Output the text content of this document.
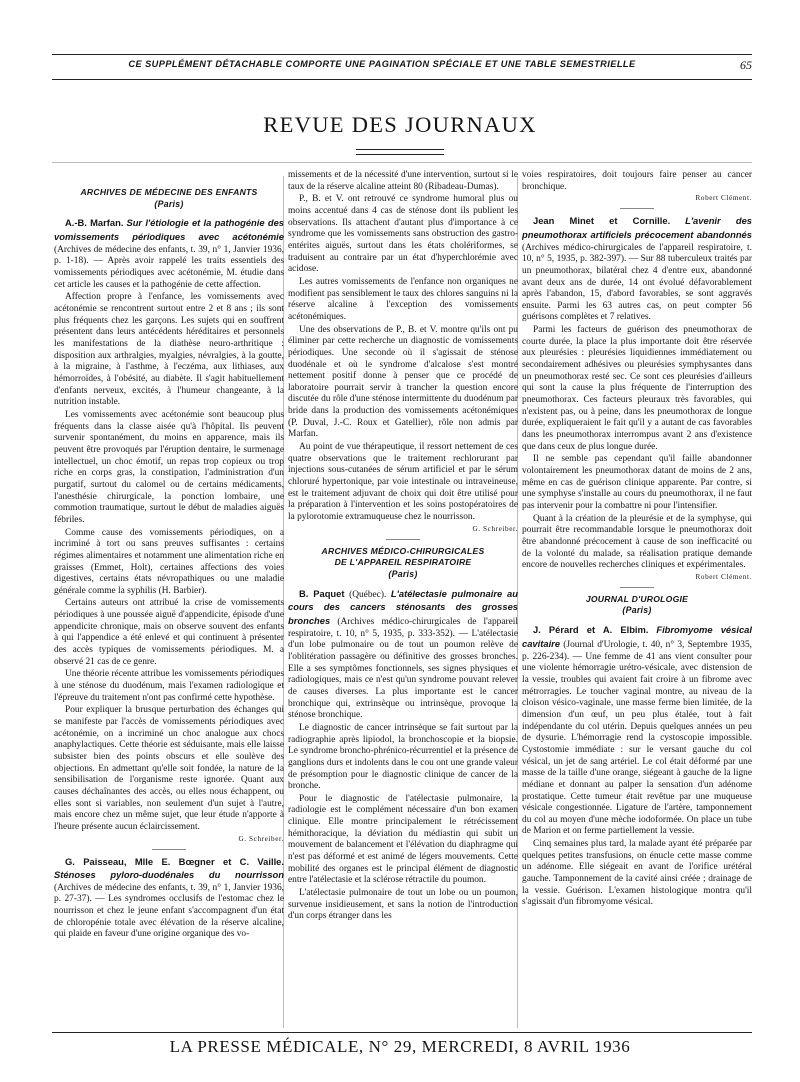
CE SUPPLÉMENT DÉTACHABLE COMPORTE UNE PAGINATION SPÉCIALE ET UNE TABLE SEMESTRIELLE	65
REVUE DES JOURNAUX
ARCHIVES DE MÉDECINE DES ENFANTS
(Paris)

A.-B. Marfan. Sur l'étiologie et la pathogénie des vomissements périodiques avec acétonémie (Archives de médecine des enfants, t. 39, n° 1, Janvier 1936, p. 1-18). — Après avoir rappelé les traits essentiels des vomissements périodiques avec acétonémie, M. étudie dans cet article les causes et la pathogénie de cette affection.

Affection propre à l'enfance, les vomissements avec acétonémie se rencontrent surtout entre 2 et 8 ans ; ils sont plus fréquents chez les garçons. Les sujets qui en souffrent présentent dans leurs antécédents héréditaires et personnels les manifestations de la diathèse neuro-arthritique : disposition aux arthralgies, myalgies, névralgies, à la goutte, à la migraine, à l'asthme, à l'eczéma, aux lithiases, aux hémorroïdes, à l'obésité, au diabète. Il s'agit habituellement d'enfants nerveux, excités, à l'humeur changeante, à la nutrition instable.

Les vomissements avec acétonémie sont beaucoup plus fréquents dans la classe aisée qu'à l'hôpital. Ils peuvent survenir spontanément, du moins en apparence, mais ils peuvent être provoqués par l'éruption dentaire, le surmenage intellectuel, un choc émotif, un repas trop copieux ou trop riche en corps gras, la constipation, l'administration d'un purgatif, surtout du calomel ou de certains médicaments, l'anesthésie chirurgicale, la ponction lombaire, une commotion traumatique, surtout le début de maladies aiguës fébriles.

Comme cause des vomissements périodiques, on a incriminé à tort ou sans preuves suffisantes : certains régimes alimentaires et notamment une alimentation riche en graisses (Emmet, Holt), certaines affections des voies digestives, certains états névropathiques ou une maladie générale comme la syphilis (H. Barbier).

Certains auteurs ont attribué la crise de vomissements périodiques à une poussée aiguë d'appendicite, épisode d'une appendicite chronique, mais on observe souvent des enfants à qui l'appendice a été enlevé et qui continuent à présenter des accès typiques de vomissements périodiques. M. a observé 21 cas de ce genre.

Une théorie récente attribue les vomissements périodiques à une sténose du duodénum, mais l'examen radiologique et l'épreuve du traitement n'ont pas confirmé cette hypothèse.

Pour expliquer la brusque perturbation des échanges qui se manifeste par l'accès de vomissements périodiques avec acétonémie, on a incriminé un choc analogue aux chocs anaphylactiques. Cette théorie est séduisante, mais elle laisse subsister bien des points obscurs et elle soulève des objections. En admettant qu'elle soit fondée, la nature de la sensibilisation de l'organisme reste ignorée. Quant aux causes déchaînantes des accès, ou elles nous échappent, ou elles sont si variables, non seulement d'un sujet à l'autre, mais encore chez un même sujet, que leur étude n'apporte à l'heure présente aucun éclaircissement.

G. Schreiber.

G. Paisseau, Mlle E. Bœgner et C. Vaille. Sténoses pyloro-duodénales du nourrisson (Archives de médecine des enfants, t. 39, n° 1, Janvier 1936, p. 27-37). — Les syndromes occlusifs de l'estomac chez le nourrisson et chez le jeune enfant s'accompagnent d'un état de chloropénie totale avec élévation de la réserve alcaline, qui plaide en faveur d'une origine organique des vo-

missements et de la nécessité d'une intervention, surtout si le taux de la réserve alcaline atteint 80 (Ribadeau-Dumas).

P., B. et V. ont retrouvé ce syndrome humoral plus ou moins accentué dans 4 cas de sténose dont ils publient les observations. Ils attachent d'autant plus d'importance à ce syndrome que les vomissements sans obstruction des gastro-entérites aiguës, surtout dans les états cholériformes, se traduisent au contraire par un état d'hyperchlorémie avec acidose.

Les autres vomissements de l'enfance non organiques ne modifient pas sensiblement le taux des chlores sanguins ni la réserve alcaline à l'exception des vomissements acétonémiques.

Une des observations de P., B. et V. montre qu'ils ont pu éliminer par cette recherche un diagnostic de vomissements périodiques. Une seconde où il s'agissait de sténose duodénale et où le syndrome d'alcalose s'est montré nettement positif donne à penser que ce procédé de laboratoire pourrait servir à trancher la question encore discutée du rôle d'une sténose intermittente du duodénum par bride dans la production des vomissements acétonémiques (P. Duval, J.-C. Roux et Gatellier), rôle non admis par Marfan.

Au point de vue thérapeutique, il ressort nettement de ces quatre observations que le traitement rechlorurant par injections sous-cutanées de sérum artificiel et par le sérum chloruré hypertonique, par voie intestinale ou intraveineuse, est le traitement adjuvant de choix qui doit être utilisé pour la préparation à l'intervention et les soins postopératoires de la pylorotomie extramuqueuse chez le nourrisson.

G. Schreiber.

ARCHIVES MÉDICO-CHIRURGICALES
DE L'APPAREIL RESPIRATOIRE
(Paris)

B. Paquet (Québec). L'atélectasie pulmonaire au cours des cancers sténosants des grosses bronches (Archives médico-chirurgicales de l'appareil respiratoire, t. 10, n° 5, 1935, p. 333-352). — L'atélectasie d'un lobe pulmonaire ou de tout un poumon relève de l'oblitération passagère ou définitive des grosses bronches. Elle a ses symptômes fonctionnels, ses signes physiques et radiologiques, mais ce n'est qu'un syndrome pouvant relever de causes diverses. La plus importante est le cancer bronchique qui, extrinsèque ou intrinsèque, provoque la sténose bronchique.

Le diagnostic de cancer intrinsèque se fait surtout par la radiographie après lipiodol, la bronchoscopie et la biopsie. Le syndrome broncho-phrénico-récurrentiel et la présence de ganglions durs et indolents dans le cou ont une grande valeur de présomption pour le diagnostic clinique de cancer de la bronche.

Pour le diagnostic de l'atélectasie pulmonaire, la radiologie est le complément nécessaire d'un bon examen clinique. Elle montre principalement le rétrécissement hémithoracique, la déviation du médiastin qui subit un mouvement de balancement et l'élévation du diaphragme qui n'est pas déformé et est animé de légers mouvements. Cette mobilité des organes est le principal élément de diagnostic entre l'atélectasie et la sclérose rétractile du poumon.

L'atélectasie pulmonaire de tout un lobe ou un poumon, survenue insidieusement, et sans la notion de l'introduction d'un corps étranger dans les

voies respiratoires, doit toujours faire penser au cancer bronchique.

Robert Clément.

Jean Minet et Cornille. L'avenir des pneumothorax artificiels précocement abandonnés (Archives médico-chirurgicales de l'appareil respiratoire, t. 10, n° 5, 1935, p. 382-397). — Sur 88 tuberculeux traités par un pneumothorax, bilatéral chez 4 d'entre eux, abandonné avant deux ans de durée, 14 ont évolué défavorablement après l'abandon, 15, d'abord favorables, se sont aggravés ensuite. Parmi les 63 autres cas, on peut compter 56 guérisons complètes et 7 relatives.

Parmi les facteurs de guérison des pneumothorax de courte durée, la place la plus importante doit être réservée aux pleurésies : pleurésies liquidiennes immédiatement ou secondairement adhésives ou pleurésies symphysantes dans un pneumothorax resté sec. Ce sont ces pleurésies d'ailleurs qui sont la cause la plus fréquente de l'interruption des pneumothorax. Ces facteurs pleuraux très favorables, qui n'existent pas, ou à peine, dans les pneumothorax de longue durée, expliqueraient le fait qu'il y a autant de cas favorables dans les pneumothorax interrompus avant 2 ans d'existence que dans ceux de plus longue durée.

Il ne semble pas cependant qu'il faille abandonner volontairement les pneumothorax datant de moins de 2 ans, même en cas de guérison clinique apparente. Par contre, si une symphyse s'installe au cours du pneumothorax, il ne faut pas intervenir pour la combattre ni pour l'intensifier.

Quant à la création de la pleurésie et de la symphyse, qui pourrait être recommandable lorsque le pneumothorax doit être abandonné précocement à cause de son inefficacité ou de la volonté du malade, sa réalisation pratique demande encore de nouvelles recherches cliniques et expérimentales.

Robert Clément.

JOURNAL D'UROLOGIE
(Paris)

J. Pérard et A. Elbim. Fibromyome vésical cavitaire (Journal d'Urologie, t. 40, n° 3, Septembre 1935, p. 226-234). — Une femme de 41 ans vient consulter pour une violente hémorragie urétro-vésicale, avec distension de la vessie, troubles qui avaient fait croire à un fibrome avec métrorragies. Le toucher vaginal montre, au niveau de la cloison vésico-vaginale, une masse ferme bien limitée, de la dimension d'un œuf, un peu plus étalée, tout à fait indépendante du col utérin. Depuis quelques années un peu de dysurie. L'hémorragie rend la cystoscopie impossible. Cystostomie immédiate : sur le versant gauche du col vésical, un jet de sang artériel. Le col était déformé par une masse de la taille d'une orange, siégeant à gauche de la ligne médiane et donnant au palper la sensation d'un adénome prostatique. Cette tumeur était revêtue par une muqueuse vésicale congestionnée. Ligature de l'artère, tamponnement du col au moyen d'une mèche iodoformée. On place un tube de Marion et on ferme partiellement la vessie.

Cinq semaines plus tard, la malade ayant été préparée par quelques petites transfusions, on énucle cette masse comme un adénome. Elle siégeait en avant de l'orifice urétéral gauche. Tamponnement de la cavité ainsi créée ; drainage de la vessie. Guérison. L'examen histologique montra qu'il s'agissait d'un fibromyome vésical.

LA PRESSE MÉDICALE, N° 29, MERCREDI, 8 AVRIL 1936
